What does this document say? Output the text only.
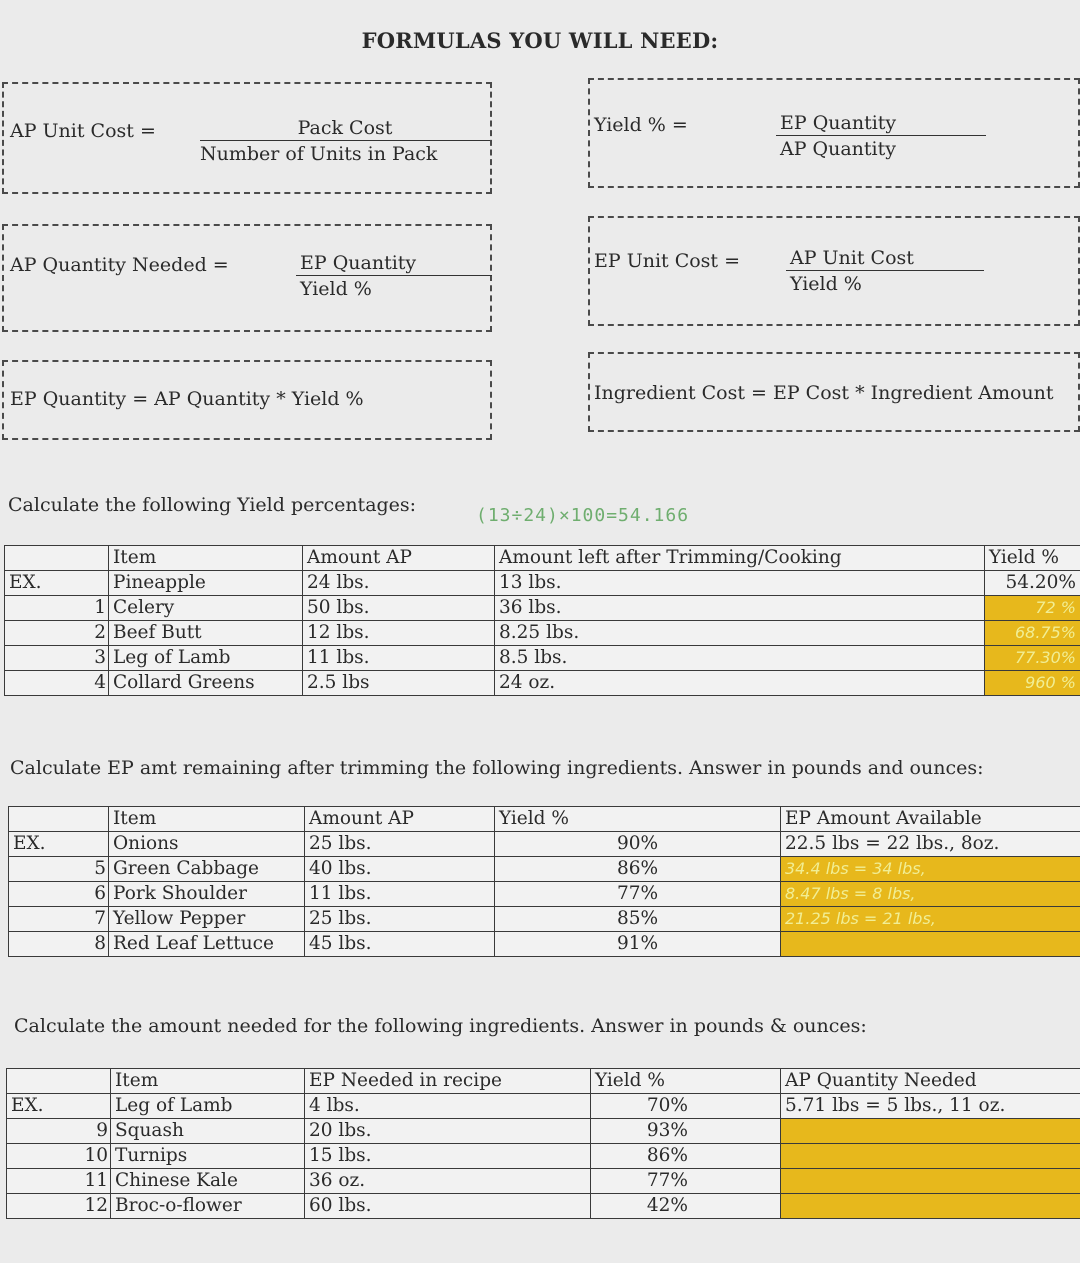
FORMULAS YOU WILL NEED:
AP Unit Cost =	Pack Cost
Number of Units in Pack
Yield % =	EP Quantity
AP Quantity
AP Quantity Needed =	EP Quantity
Yield %
EP Unit Cost =	AP Unit Cost
Yield %
EP Quantity = AP Quantity * Yield %	Ingredient Cost = EP Cost * Ingredient Amount
Calculate the following Yield percentages:	(13÷24)×100=54.166
		Item	Amount AP	Amount left after Trimming/Cooking	Yield %
EX.		Pineapple	24 lbs.	13 lbs.	54.20%
	1	Celery	50 lbs.	36 lbs.	72 %
	2	Beef Butt	12 lbs.	8.25 lbs.	68.75%
	3	Leg of Lamb	11 lbs.	8.5 lbs.	77.30%
	4	Collard Greens	2.5 lbs	24 oz.	960 %
Calculate EP amt remaining after trimming the following ingredients. Answer in pounds and ounces:
		Item	Amount AP	Yield %	EP Amount Available
EX.		Onions	25 lbs.	90%	22.5 lbs = 22 lbs., 8oz.
	5	Green Cabbage	40 lbs.	86%	34.4 lbs = 34 lbs,
	6	Pork Shoulder	11 lbs.	77%	8.47 lbs = 8 lbs,
	7	Yellow Pepper	25 lbs.	85%	21.25 lbs = 21 lbs,
	8	Red Leaf Lettuce	45 lbs.	91%	
Calculate the amount needed for the following ingredients. Answer in pounds & ounces:
		Item	EP Needed in recipe	Yield %	AP Quantity Needed
EX.		Leg of Lamb	4 lbs.	70%	5.71 lbs = 5 lbs., 11 oz.
	9	Squash	20 lbs.	93%	
	10	Turnips	15 lbs.	86%	
	11	Chinese Kale	36 oz.	77%	
	12	Broc-o-flower	60 lbs.	42%	
